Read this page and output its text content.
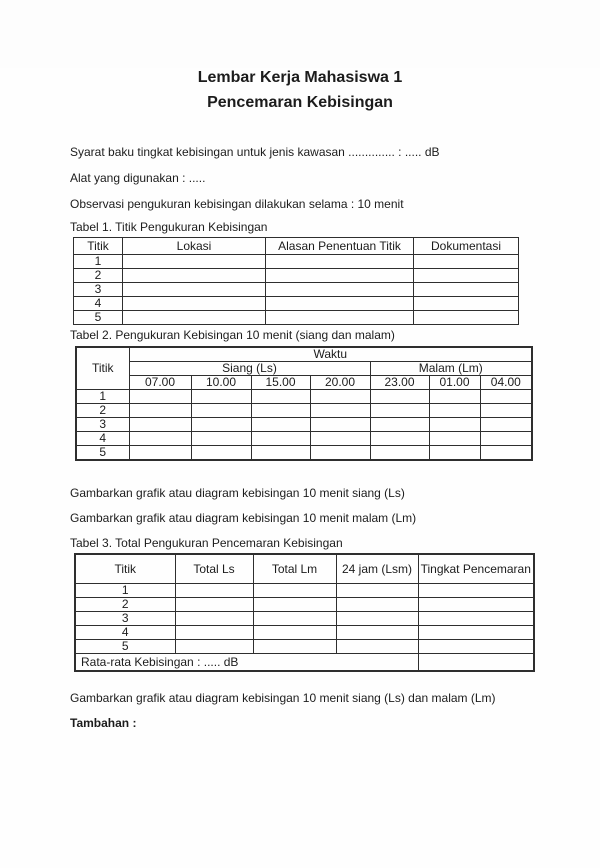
Lembar Kerja Mahasiswa 1
Pencemaran Kebisingan

Syarat baku tingkat kebisingan untuk jenis kawasan .............. : ..... dB

Alat yang digunakan : .....

Observasi pengukuran kebisingan dilakukan selama : 10 menit

Tabel 1. Titik Pengukuran Kebisingan
Titik	Lokasi	Alasan Penentuan Titik	Dokumentasi
1			
2			
3			
4			
5			
Tabel 2. Pengukuran Kebisingan 10 menit (siang dan malam)
Titik	Waktu						
	Siang (Ls)				Malam (Lm)		
	07.00	10.00	15.00	20.00	23.00	01.00	04.00
1							
2							
3							
4							
5							

Gambarkan grafik atau diagram kebisingan 10 menit siang (Ls)

Gambarkan grafik atau diagram kebisingan 10 menit malam (Lm)

Tabel 3. Total Pengukuran Pencemaran Kebisingan
Titik	Total Ls	Total Lm	24 jam (Lsm)	Tingkat Pencemaran
1				
2				
3				
4				
5				
Rata-rata Kebisingan : ..... dB				

Gambarkan grafik atau diagram kebisingan 10 menit siang (Ls) dan malam (Lm)

Tambahan :
